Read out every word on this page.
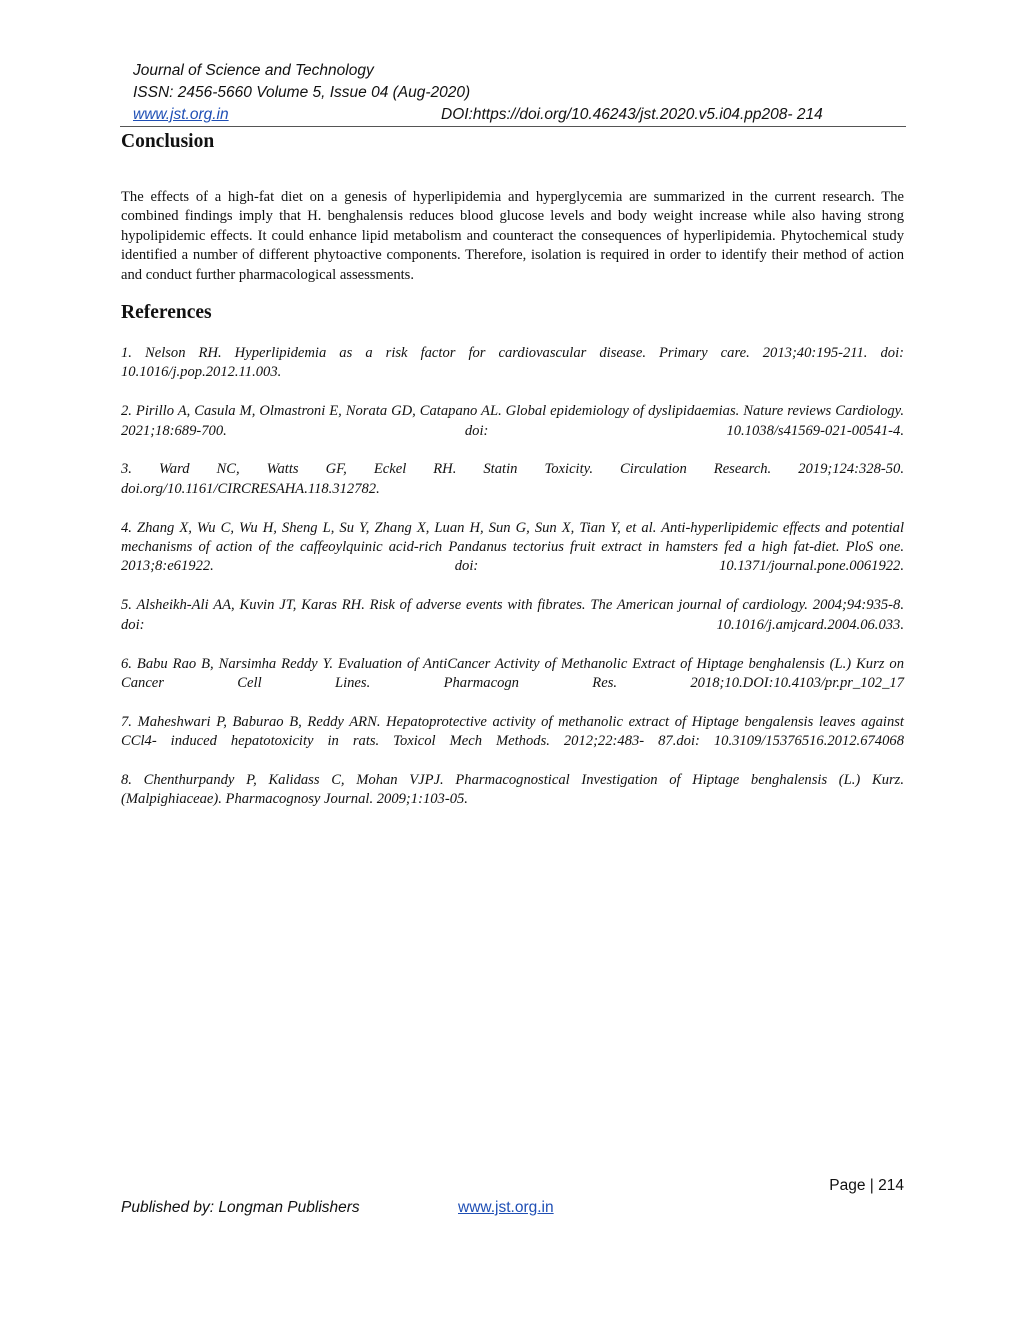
Journal of Science and Technology
ISSN: 2456-5660 Volume 5, Issue 04 (Aug-2020)
www.jst.org.in	DOI:https://doi.org/10.46243/jst.2020.v5.i04.pp208- 214
Conclusion

The effects of a high-fat diet on a genesis of hyperlipidemia and hyperglycemia are summarized in the current research. The combined findings imply that H. benghalensis reduces blood glucose levels and body weight increase while also having strong hypolipidemic effects. It could enhance lipid metabolism and counteract the consequences of hyperlipidemia. Phytochemical study identified a number of different phytoactive components. Therefore, isolation is required in order to identify their method of action and conduct further pharmacological assessments.

References

1. Nelson RH. Hyperlipidemia as a risk factor for cardiovascular disease. Primary care. 2013;40:195-211. doi: 10.1016/j.pop.2012.11.003.

2. Pirillo A, Casula M, Olmastroni E, Norata GD, Catapano AL. Global epidemiology of dyslipidaemias. Nature reviews Cardiology. 2021;18:689-700. doi: 10.1038/s41569-021-00541-4.

3. Ward NC, Watts GF, Eckel RH. Statin Toxicity. Circulation Research. 2019;124:328-50. doi.org/10.1161/CIRCRESAHA.118.312782.

4. Zhang X, Wu C, Wu H, Sheng L, Su Y, Zhang X, Luan H, Sun G, Sun X, Tian Y, et al. Anti-hyperlipidemic effects and potential mechanisms of action of the caffeoylquinic acid-rich Pandanus tectorius fruit extract in hamsters fed a high fat-diet. PloS one. 2013;8:e61922. doi: 10.1371/journal.pone.0061922.

5. Alsheikh-Ali AA, Kuvin JT, Karas RH. Risk of adverse events with fibrates. The American journal of cardiology. 2004;94:935-8. doi: 10.1016/j.amjcard.2004.06.033.

6. Babu Rao B, Narsimha Reddy Y. Evaluation of AntiCancer Activity of Methanolic Extract of Hiptage benghalensis (L.) Kurz on Cancer Cell Lines. Pharmacogn Res. 2018;10.DOI:10.4103/pr.pr_102_17

7. Maheshwari P, Baburao B, Reddy ARN. Hepatoprotective activity of methanolic extract of Hiptage bengalensis leaves against CCl4- induced hepatotoxicity in rats. Toxicol Mech Methods. 2012;22:483- 87.doi: 10.3109/15376516.2012.674068

8. Chenthurpandy P, Kalidass C, Mohan VJPJ. Pharmacognostical Investigation of Hiptage benghalensis (L.) Kurz. (Malpighiaceae). Pharmacognosy Journal. 2009;1:103-05.

Page | 214
Published by: Longman Publishers	www.jst.org.in
